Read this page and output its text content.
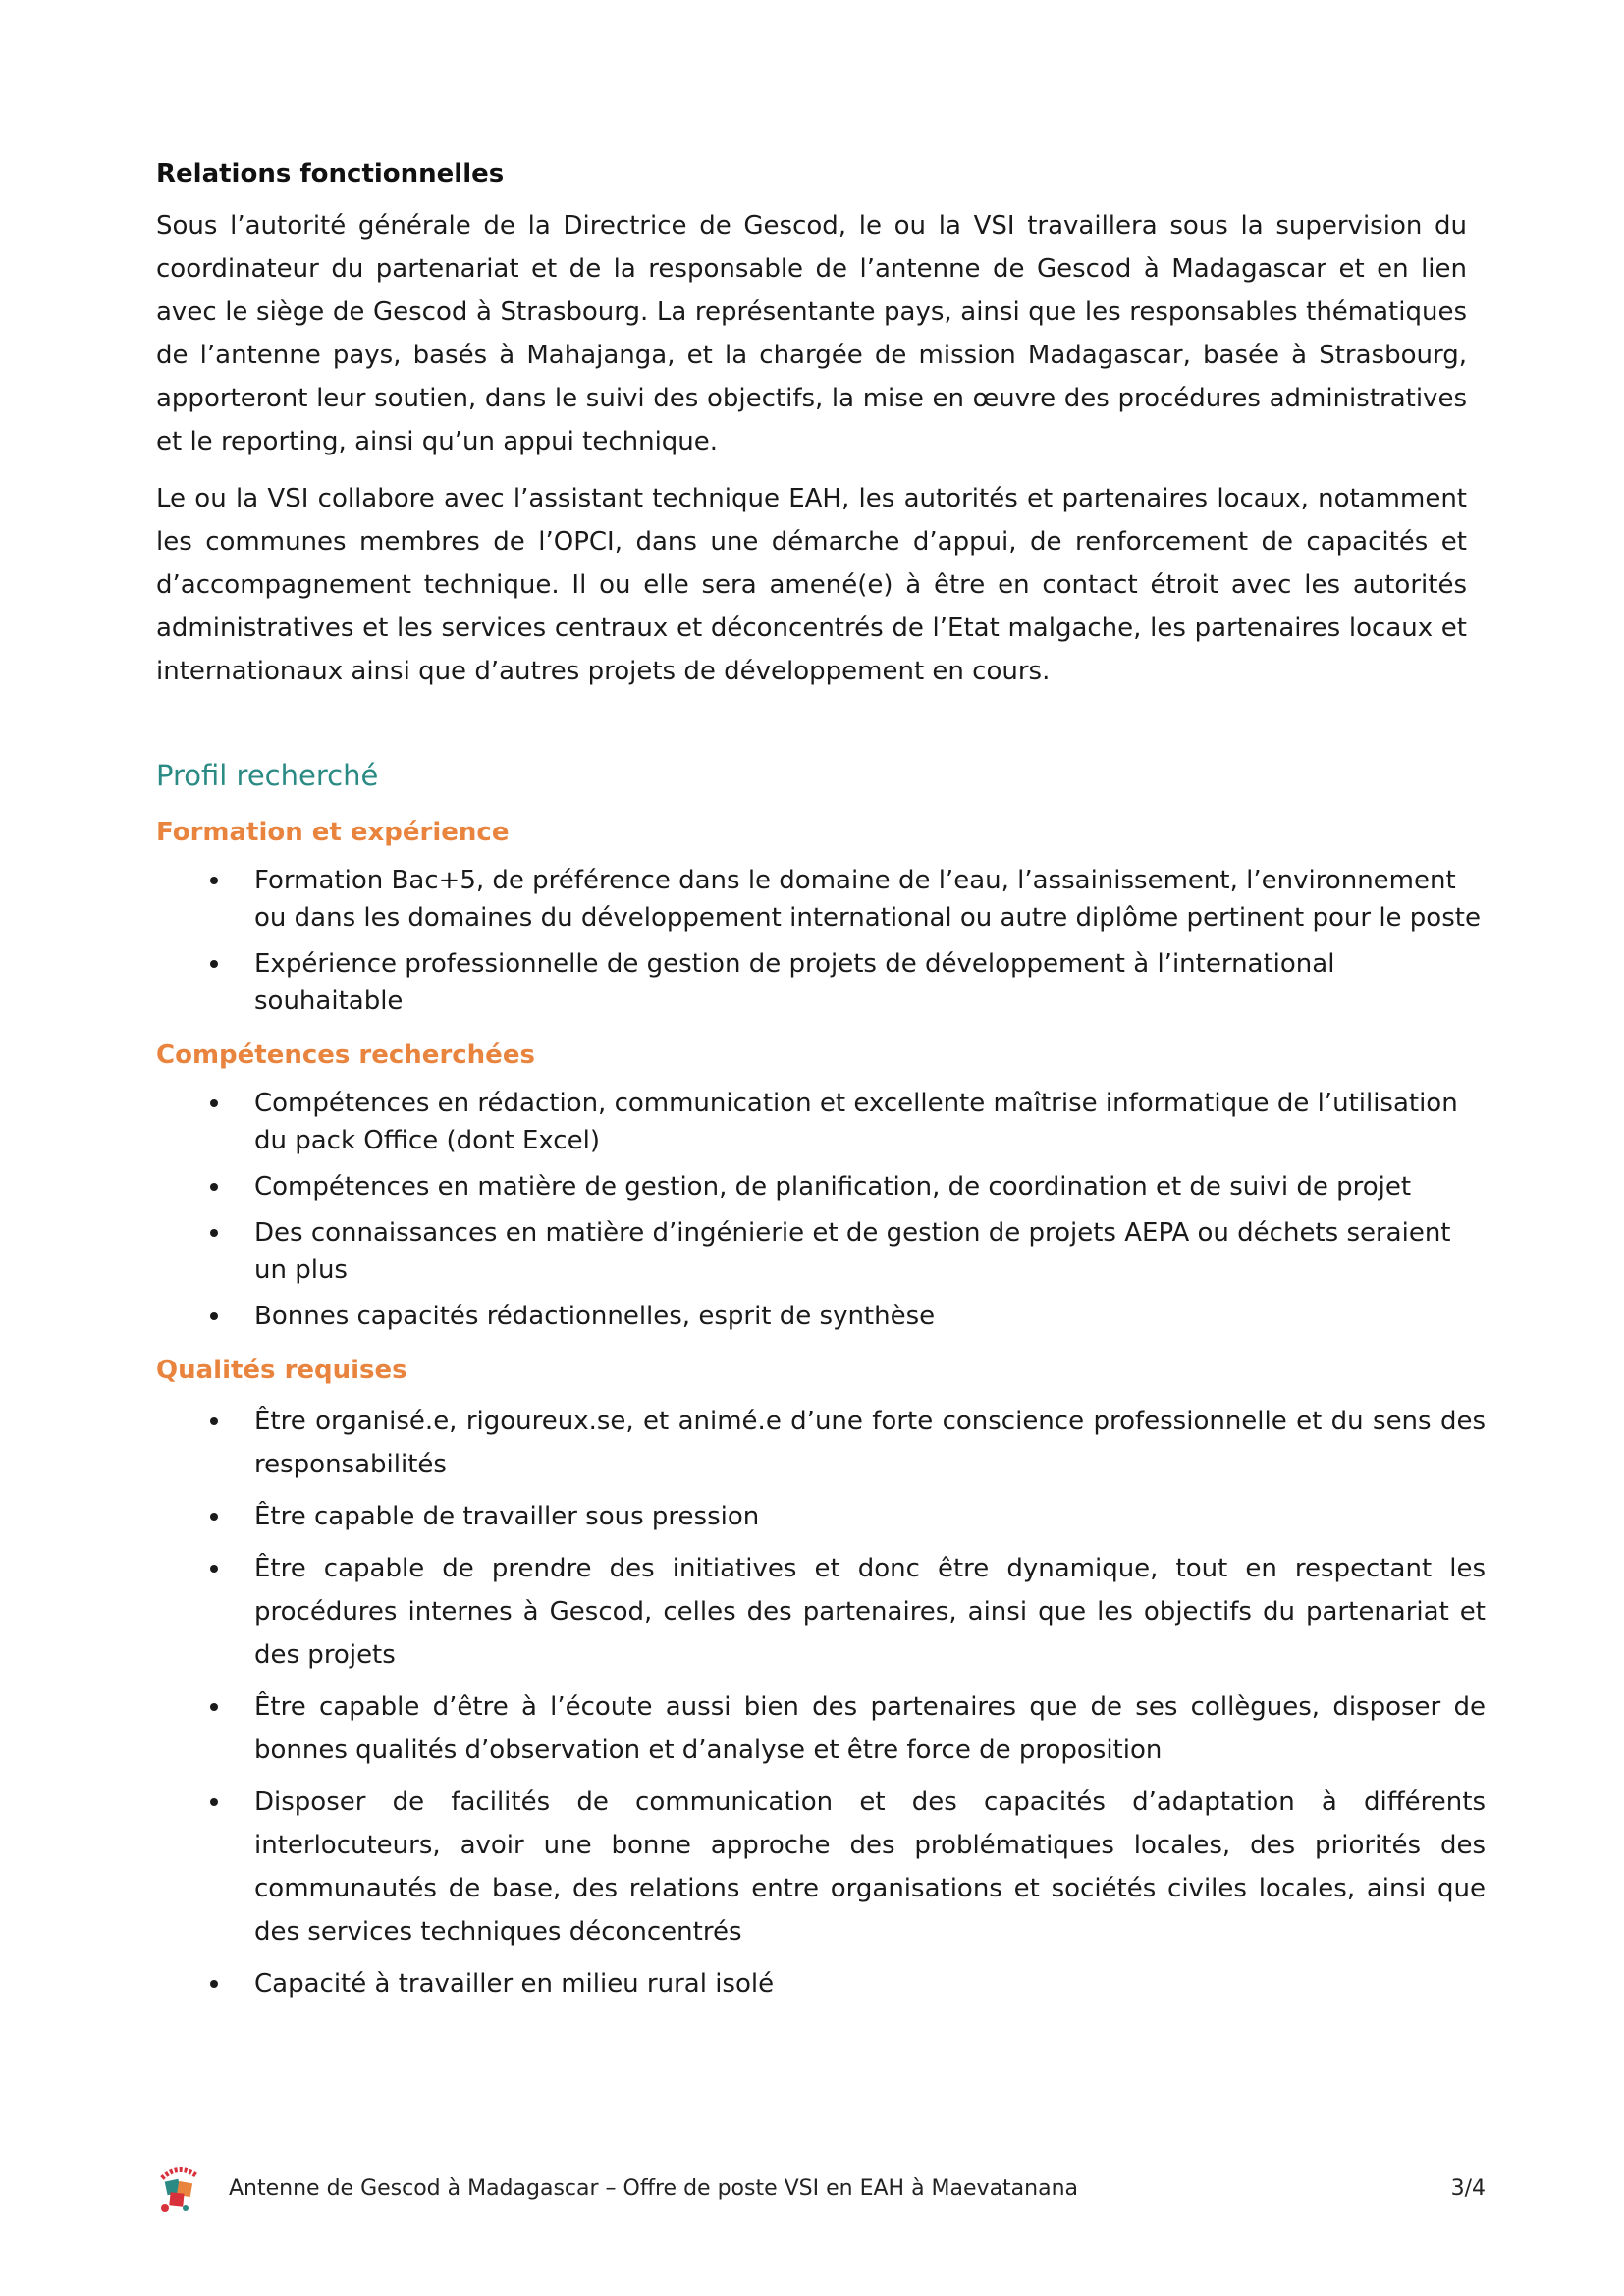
Relations fonctionnelles

Sous l’autorité générale de la Directrice de Gescod, le ou la VSI travaillera sous la supervision du coordinateur du partenariat et de la responsable de l’antenne de Gescod à Madagascar et en lien avec le siège de Gescod à Strasbourg. La représentante pays, ainsi que les responsables thématiques de l’antenne pays, basés à Mahajanga, et la chargée de mission Madagascar, basée à Strasbourg, apporteront leur soutien, dans le suivi des objectifs, la mise en œuvre des procédures administratives et le reporting, ainsi qu’un appui technique.

Le ou la VSI collabore avec l’assistant technique EAH, les autorités et partenaires locaux, notamment les communes membres de l’OPCI, dans une démarche d’appui, de renforcement de capacités et d’accompagnement technique. Il ou elle sera amené(e) à être en contact étroit avec les autorités administratives et les services centraux et déconcentrés de l’Etat malgache, les partenaires locaux et internationaux ainsi que d’autres projets de développement en cours.

Profil recherché
Formation et expérience
Formation Bac+5, de préférence dans le domaine de l’eau, l’assainissement, l’environnement ou dans les domaines du développement international ou autre diplôme pertinent pour le poste
Expérience professionnelle de gestion de projets de développement à l’international souhaitable
Compétences recherchées
Compétences en rédaction, communication et excellente maîtrise informatique de l’utilisation du pack Office (dont Excel)
Compétences en matière de gestion, de planification, de coordination et de suivi de projet
Des connaissances en matière d’ingénierie et de gestion de projets AEPA ou déchets seraient un plus
Bonnes capacités rédactionnelles, esprit de synthèse
Qualités requises
Être organisé.e, rigoureux.se, et animé.e d’une forte conscience professionnelle et du sens des responsabilités
Être capable de travailler sous pression
Être capable de prendre des initiatives et donc être dynamique, tout en respectant les procédures internes à Gescod, celles des partenaires, ainsi que les objectifs du partenariat et des projets
Être capable d’être à l’écoute aussi bien des partenaires que de ses collègues, disposer de bonnes qualités d’observation et d’analyse et être force de proposition
Disposer de facilités de communication et des capacités d’adaptation à différents interlocuteurs, avoir une bonne approche des problématiques locales, des priorités des communautés de base, des relations entre organisations et sociétés civiles locales, ainsi que des services techniques déconcentrés
Capacité à travailler en milieu rural isolé
Antenne de Gescod à Madagascar – Offre de poste VSI en EAH à Maevatanana	3/4
